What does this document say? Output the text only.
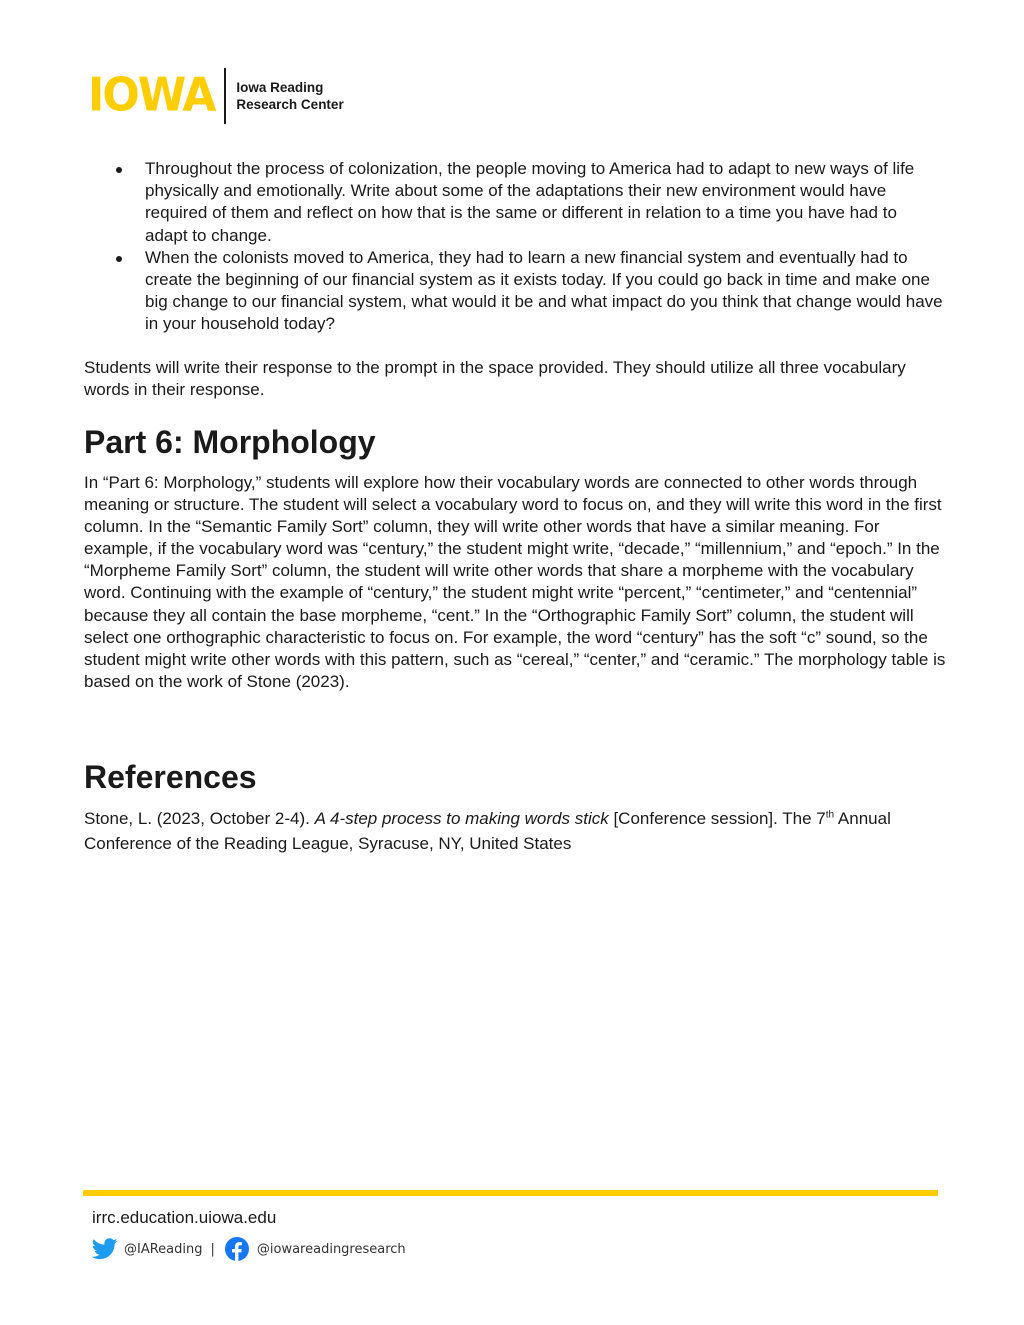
IOWA Iowa Reading
Research Center
Throughout the process of colonization, the people moving to America had to adapt to new ways of life physically and emotionally. Write about some of the adaptations their new environment would have required of them and reflect on how that is the same or different in relation to a time you have had to adapt to change.
When the colonists moved to America, they had to learn a new financial system and eventually had to create the beginning of our financial system as it exists today. If you could go back in time and make one big change to our financial system, what would it be and what impact do you think that change would have in your household today?

Students will write their response to the prompt in the space provided. They should utilize all three vocabulary words in their response.

Part 6: Morphology

In “Part 6: Morphology,” students will explore how their vocabulary words are connected to other words through meaning or structure. The student will select a vocabulary word to focus on, and they will write this word in the first column. In the “Semantic Family Sort” column, they will write other words that have a similar meaning. For example, if the vocabulary word was “century,” the student might write, “decade,” “millennium,” and “epoch.” In the “Morpheme Family Sort” column, the student will write other words that share a morpheme with the vocabulary word. Continuing with the example of “century,” the student might write “percent,” “centimeter,” and “centennial” because they all contain the base morpheme, “cent.” In the “Orthographic Family Sort” column, the student will select one orthographic characteristic to focus on. For example, the word “century” has the soft “c” sound, so the student might write other words with this pattern, such as “cereal,” “center,” and “ceramic.” The morphology table is based on the work of Stone (2023).

References

Stone, L. (2023, October 2-4). A 4-step process to making words stick [Conference session]. The 7th Annual Conference of the Reading League, Syracuse, NY, United States

irrc.education.uiowa.edu
@IAReading |	@iowareadingresearch
